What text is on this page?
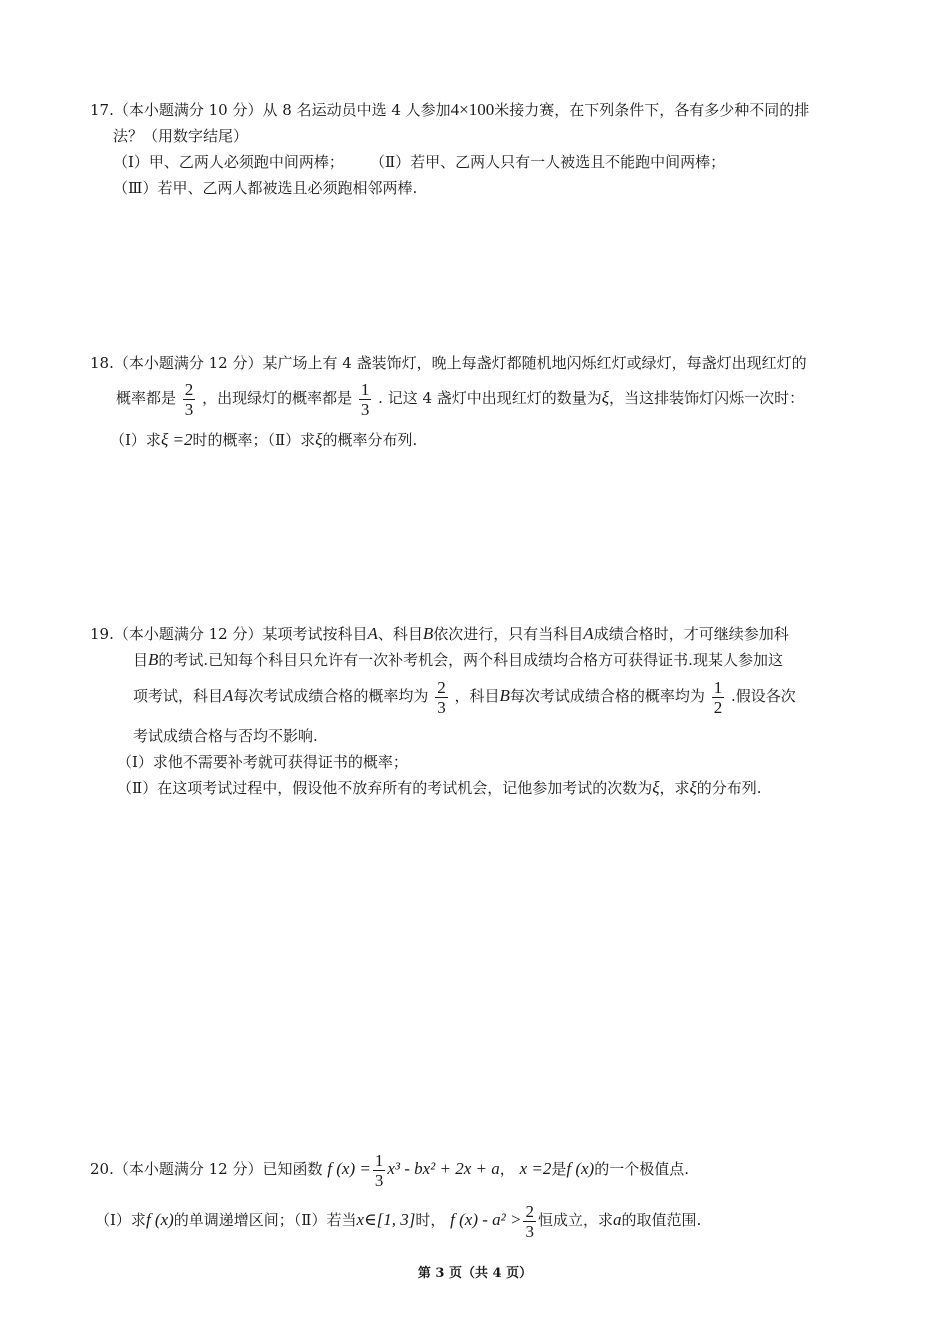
17.（本小题满分 10 分）从 8 名运动员中选 4 人参加4×100米接力赛，在下列条件下，各有多少种不同的排
法？（用数字结尾）
（Ⅰ）甲、乙两人必须跑中间两棒； （Ⅱ）若甲、乙两人只有一人被选且不能跑中间两棒；
（Ⅲ）若甲、乙两人都被选且必须跑相邻两棒.
18.（本小题满分 12 分）某广场上有 4 盏装饰灯，晚上每盏灯都随机地闪烁红灯或绿灯，每盏灯出现红灯的
概率都是 $\frac{2}{3}$ ，出现绿灯的概率都是 $\frac{1}{3}$ . 记这 4 盏灯中出现红灯的数量为ξ，当这排装饰灯闪烁一次时：
（Ⅰ）求ξ =2时的概率；（Ⅱ）求ξ的概率分布列.
19.（本小题满分 12 分）某项考试按科目A、科目B依次进行，只有当科目A成绩合格时，才可继续参加科
目B的考试.已知每个科目只允许有一次补考机会，两个科目成绩均合格方可获得证书.现某人参加这
项考试，科目A每次考试成绩合格的概率均为 $\frac{2}{3}$ ，科目B每次考试成绩合格的概率均为 $\frac{1}{2}$ .假设各次
考试成绩合格与否均不影响.
（Ⅰ）求他不需要补考就可获得证书的概率；
（Ⅱ）在这项考试过程中，假设他不放弃所有的考试机会，记他参加考试的次数为ξ，求ξ的分布列.
20.（本小题满分 12 分）已知函数 f $(x) = \frac{1}{3} x^3 - bx^2 + 2x + a$， x =2是f (x)的一个极值点.
（Ⅰ）求f (x)的单调递增区间；（Ⅱ）若当x∈[1, 3]时， f $(x) - a^2 > \frac{2}{3}$ 恒成立，求a的取值范围.
第 3 页（共 4 页）
